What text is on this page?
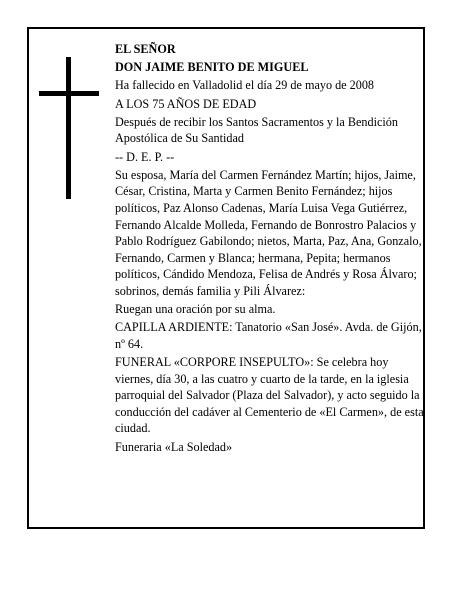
EL SEÑOR

DON JAIME BENITO DE MIGUEL

Ha fallecido en Valladolid el día 29 de mayo de 2008

A LOS 75 AÑOS DE EDAD

Después de recibir los Santos Sacramentos y la Bendición Apostólica de Su Santidad

-- D. E. P. --

Su esposa, María del Carmen Fernández Martín; hijos, Jaime, César, Cristina, Marta y Carmen Benito Fernández; hijos políticos, Paz Alonso Cadenas, María Luisa Vega Gutiérrez, Fernando Alcalde Molleda, Fernando de Bonrostro Palacios y Pablo Rodríguez Gabilondo; nietos, Marta, Paz, Ana, Gonzalo, Fernando, Carmen y Blanca; hermana, Pepita; hermanos políticos, Cándido Mendoza, Felisa de Andrés y Rosa Álvaro; sobrinos, demás familia y Pili Álvarez:

Ruegan una oración por su alma.

CAPILLA ARDIENTE: Tanatorio «San José». Avda. de Gijón, nº 64.

FUNERAL «CORPORE INSEPULTO»: Se celebra hoy viernes, día 30, a las cuatro y cuarto de la tarde, en la iglesia parroquial del Salvador (Plaza del Salvador), y acto seguido la conducción del cadáver al Cementerio de «El Carmen», de esta ciudad.

Funeraria «La Soledad»
